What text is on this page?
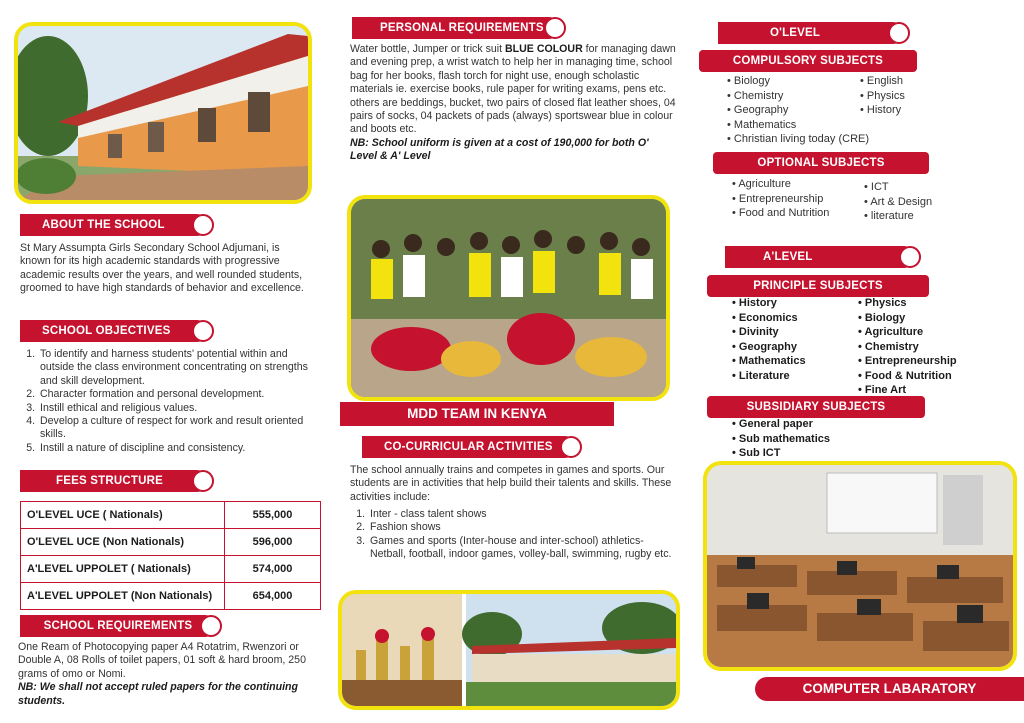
ABOUT THE SCHOOL

St Mary Assumpta Girls Secondary School Adjumani, is known for its high academic standards with progressive academic results over the years, and well rounded students, groomed to have high standards of behavior and excellence.

SCHOOL OBJECTIVES
1. To identify and harness students' potential within and outside the class environment concentrating on strengths and skill development.
2. Character formation and personal development.
3. Instill ethical and religious values.
4. Develop a culture of respect for work and result oriented skills.
5. Instill a nature of discipline and consistency.
FEES STRUCTURE
O'LEVEL UCE ( Nationals)	555,000
O'LEVEL UCE (Non Nationals)	596,000
A'LEVEL UPPOLET ( Nationals)	574,000
A'LEVEL UPPOLET (Non Nationals)	654,000
SCHOOL REQUIREMENTS
One Ream of Photocopying paper A4 Rotatrim, Rwenzori or Double A, 08 Rolls of toilet papers, 01 soft & hard broom, 250 grams of omo or Nomi.
NB: We shall not accept ruled papers for the continuing students.
PERSONAL REQUIREMENTS
Water bottle, Jumper or trick suit BLUE COLOUR for managing dawn and evening prep, a wrist watch to help her in managing time, school bag for her books, flash torch for night use, enough scholastic materials ie. exercise books, rule paper for writing exams, pens etc. others are beddings, bucket, two pairs of closed flat leather shoes, 04 pairs of socks, 04 packets of pads (always) sportswear blue in colour and boots etc.
NB: School uniform is given at a cost of 190,000 for both O' Level & A' Level
MDD TEAM IN KENYA
CO-CURRICULAR ACTIVITIES

The school annually trains and competes in games and sports. Our students are in activities that help build their talents and skills. These activities include:

1. Inter - class talent shows
2. Fashion shows
3. Games and sports (Inter-house and inter-school) athletics-Netball, football, indoor games, volley-ball, swimming, rugby etc.
O'LEVEL
COMPULSORY SUBJECTS
• Biology
• Chemistry
• Geography
• Mathematics
• Christian living today (CRE)
• English
• Physics
• History
OPTIONAL SUBJECTS
• Agriculture
• Entrepreneurship
• Food and Nutrition
• ICT
• Art & Design
• literature
A'LEVEL
PRINCIPLE SUBJECTS
• History
• Economics
• Divinity
• Geography
• Mathematics
• Literature
• Physics
• Biology
• Agriculture
• Chemistry
• Entrepreneurship
• Food & Nutrition
• Fine Art
SUBSIDIARY SUBJECTS
• General paper
• Sub mathematics
• Sub ICT
COMPUTER LABARATORY
